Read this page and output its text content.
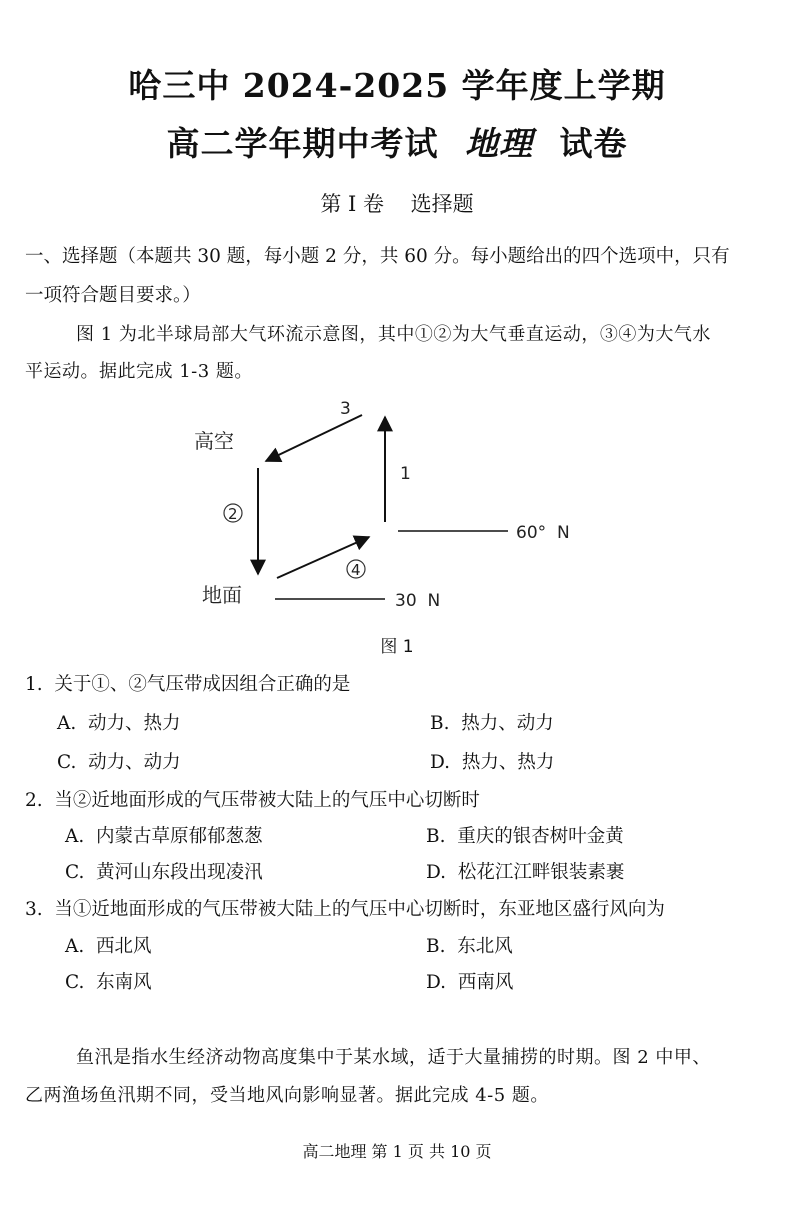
哈三中 2024-2025 学年度上学期
高二学年期中考试 地理 试卷
第 I 卷    选择题
一、选择题（本题共 30 题，每小题 2 分，共 60 分。每小题给出的四个选项中，只有
一项符合题目要求。）
图 1 为北半球局部大气环流示意图，其中①②为大气垂直运动，③④为大气水
平运动。据此完成 1-3 题。
3
1
2
4
高空
地面
60°  N
30  N
图 1
1.  关于①、②气压带成因组合正确的是
A.  动力、热力	B.  热力、动力
C.  动力、动力	D.  热力、热力
2.  当②近地面形成的气压带被大陆上的气压中心切断时
A.  内蒙古草原郁郁葱葱	B.  重庆的银杏树叶金黄
C.  黄河山东段出现凌汛	D.  松花江江畔银装素裹
3.  当①近地面形成的气压带被大陆上的气压中心切断时，东亚地区盛行风向为
A.  西北风	B.  东北风
C.  东南风	D.  西南风
鱼汛是指水生经济动物高度集中于某水域，适于大量捕捞的时期。图 2 中甲、
乙两渔场鱼汛期不同，受当地风向影响显著。据此完成 4-5 题。
高二地理 第 1 页 共 10 页
